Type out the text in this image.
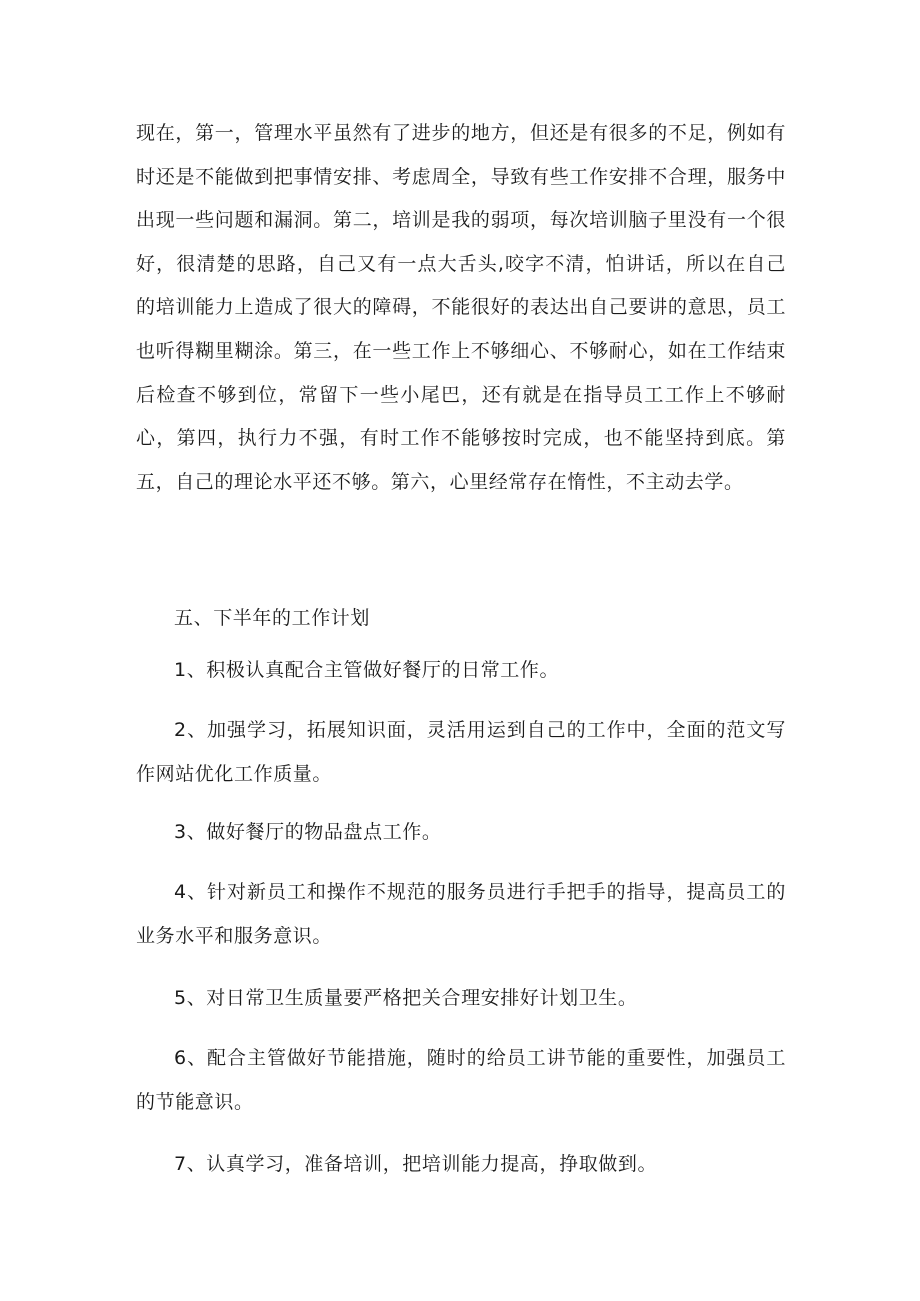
现在，第一，管理水平虽然有了进步的地方，但还是有很多的不足，例如有时还是不能做到把事情安排、考虑周全，导致有些工作安排不合理，服务中出现一些问题和漏洞。第二，培训是我的弱项，每次培训脑子里没有一个很好，很清楚的思路，自己又有一点大舌头,咬字不清，怕讲话，所以在自己的培训能力上造成了很大的障碍，不能很好的表达出自己要讲的意思，员工也听得糊里糊涂。第三，在一些工作上不够细心、不够耐心，如在工作结束后检查不够到位，常留下一些小尾巴，还有就是在指导员工工作上不够耐心，第四，执行力不强，有时工作不能够按时完成，也不能坚持到底。第五，自己的理论水平还不够。第六，心里经常存在惰性，不主动去学。

五、下半年的工作计划

1、积极认真配合主管做好餐厅的日常工作。

2、加强学习，拓展知识面，灵活用运到自己的工作中，全面的范文写作网站优化工作质量。

3、做好餐厅的物品盘点工作。

4、针对新员工和操作不规范的服务员进行手把手的指导，提高员工的业务水平和服务意识。

5、对日常卫生质量要严格把关合理安排好计划卫生。

6、配合主管做好节能措施，随时的给员工讲节能的重要性，加强员工的节能意识。

7、认真学习，准备培训，把培训能力提高，挣取做到。
